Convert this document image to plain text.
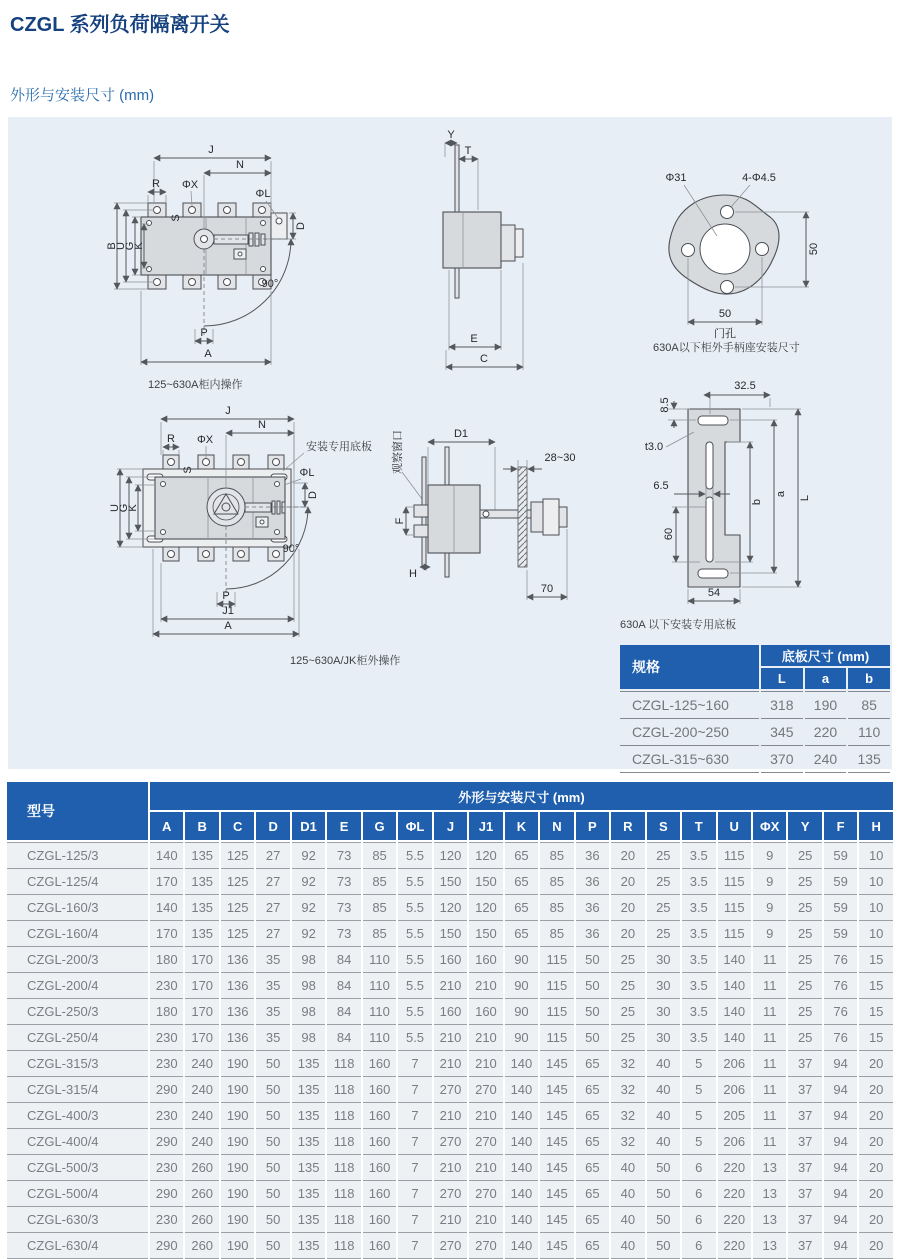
CZGL 系列负荷隔离开关
外形与安装尺寸 (mm)
J
N
R ΦX
S
ΦL
D
B
U
G
K
90°
P
A
125~630A柜内操作
Y
T
E
C
Φ31	4-Φ4.5
50
50
门孔
630A以下柜外手柄座安装尺寸
J
N
R ΦX
S
安装专用底板
ΦL
D
U
G
K
90°
P
J1
A
125~630A/JK柜外操作
观察窗口
F
H
D1
28~30
70
8.5
32.5
t3.0
6.5
60
b
a
L
54
630A 以下安装专用底板
规格	底板尺寸 (mm)		
	L	a	b
CZGL-125~160	318	190	85
CZGL-200~250	345	220	110
CZGL-315~630	370	240	135
型号	外形与安装尺寸 (mm)																				
	A	B	C	D	D1	E	G	ΦL	J	J1	K	N	P	R	S	T	U	ΦX	Y	F	H
CZGL-125/3	140	135	125	27	92	73	85	5.5	120	120	65	85	36	20	25	3.5	115	9	25	59	10
CZGL-125/4	170	135	125	27	92	73	85	5.5	150	150	65	85	36	20	25	3.5	115	9	25	59	10
CZGL-160/3	140	135	125	27	92	73	85	5.5	120	120	65	85	36	20	25	3.5	115	9	25	59	10
CZGL-160/4	170	135	125	27	92	73	85	5.5	150	150	65	85	36	20	25	3.5	115	9	25	59	10
CZGL-200/3	180	170	136	35	98	84	110	5.5	160	160	90	115	50	25	30	3.5	140	11	25	76	15
CZGL-200/4	230	170	136	35	98	84	110	5.5	210	210	90	115	50	25	30	3.5	140	11	25	76	15
CZGL-250/3	180	170	136	35	98	84	110	5.5	160	160	90	115	50	25	30	3.5	140	11	25	76	15
CZGL-250/4	230	170	136	35	98	84	110	5.5	210	210	90	115	50	25	30	3.5	140	11	25	76	15
CZGL-315/3	230	240	190	50	135	118	160	7	210	210	140	145	65	32	40	5	206	11	37	94	20
CZGL-315/4	290	240	190	50	135	118	160	7	270	270	140	145	65	32	40	5	206	11	37	94	20
CZGL-400/3	230	240	190	50	135	118	160	7	210	210	140	145	65	32	40	5	205	11	37	94	20
CZGL-400/4	290	240	190	50	135	118	160	7	270	270	140	145	65	32	40	5	206	11	37	94	20
CZGL-500/3	230	260	190	50	135	118	160	7	210	210	140	145	65	40	50	6	220	13	37	94	20
CZGL-500/4	290	260	190	50	135	118	160	7	270	270	140	145	65	40	50	6	220	13	37	94	20
CZGL-630/3	230	260	190	50	135	118	160	7	210	210	140	145	65	40	50	6	220	13	37	94	20
CZGL-630/4	290	260	190	50	135	118	160	7	270	270	140	145	65	40	50	6	220	13	37	94	20
